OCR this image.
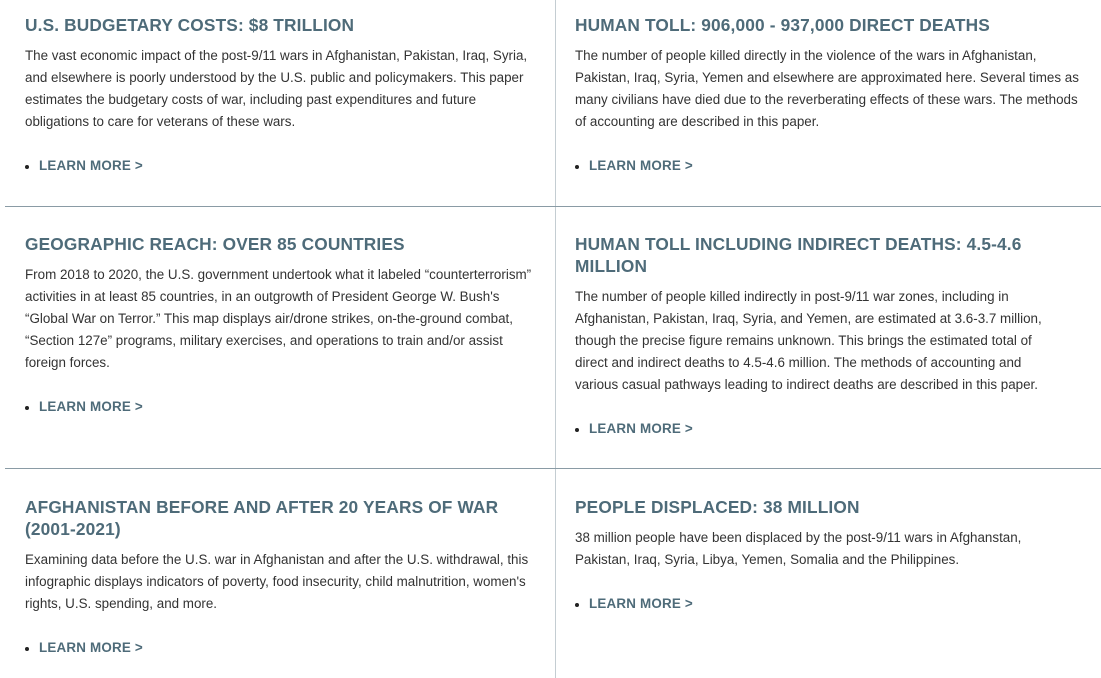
U.S. BUDGETARY COSTS: $8 TRILLION

The vast economic impact of the post-9/11 wars in Afghanistan, Pakistan, Iraq, Syria, and elsewhere is poorly understood by the U.S. public and policymakers. This paper estimates the budgetary costs of war, including past expenditures and future obligations to care for veterans of these wars.

LEARN MORE >
HUMAN TOLL: 906,000 - 937,000 DIRECT DEATHS

The number of people killed directly in the violence of the wars in Afghanistan, Pakistan, Iraq, Syria, Yemen and elsewhere are approximated here. Several times as many civilians have died due to the reverberating effects of these wars. The methods of accounting are described in this paper.

LEARN MORE >
GEOGRAPHIC REACH: OVER 85 COUNTRIES

From 2018 to 2020, the U.S. government undertook what it labeled “counterterrorism” activities in at least 85 countries, in an outgrowth of President George W. Bush's “Global War on Terror.” This map displays air/drone strikes, on-the-ground combat, “Section 127e” programs, military exercises, and operations to train and/or assist foreign forces.

LEARN MORE >
HUMAN TOLL INCLUDING INDIRECT DEATHS: 4.5-4.6 MILLION

The number of people killed indirectly in post-9/11 war zones, including in Afghanistan, Pakistan, Iraq, Syria, and Yemen, are estimated at 3.6-3.7 million, though the precise figure remains unknown. This brings the estimated total of direct and indirect deaths to 4.5-4.6 million. The methods of accounting and various casual pathways leading to indirect deaths are described in this paper.

LEARN MORE >
AFGHANISTAN BEFORE AND AFTER 20 YEARS OF WAR (2001-2021)

Examining data before the U.S. war in Afghanistan and after the U.S. withdrawal, this infographic displays indicators of poverty, food insecurity, child malnutrition, women's rights, U.S. spending, and more.

LEARN MORE >
PEOPLE DISPLACED: 38 MILLION

38 million people have been displaced by the post-9/11 wars in Afghanstan, Pakistan, Iraq, Syria, Libya, Yemen, Somalia and the Philippines.

LEARN MORE >
